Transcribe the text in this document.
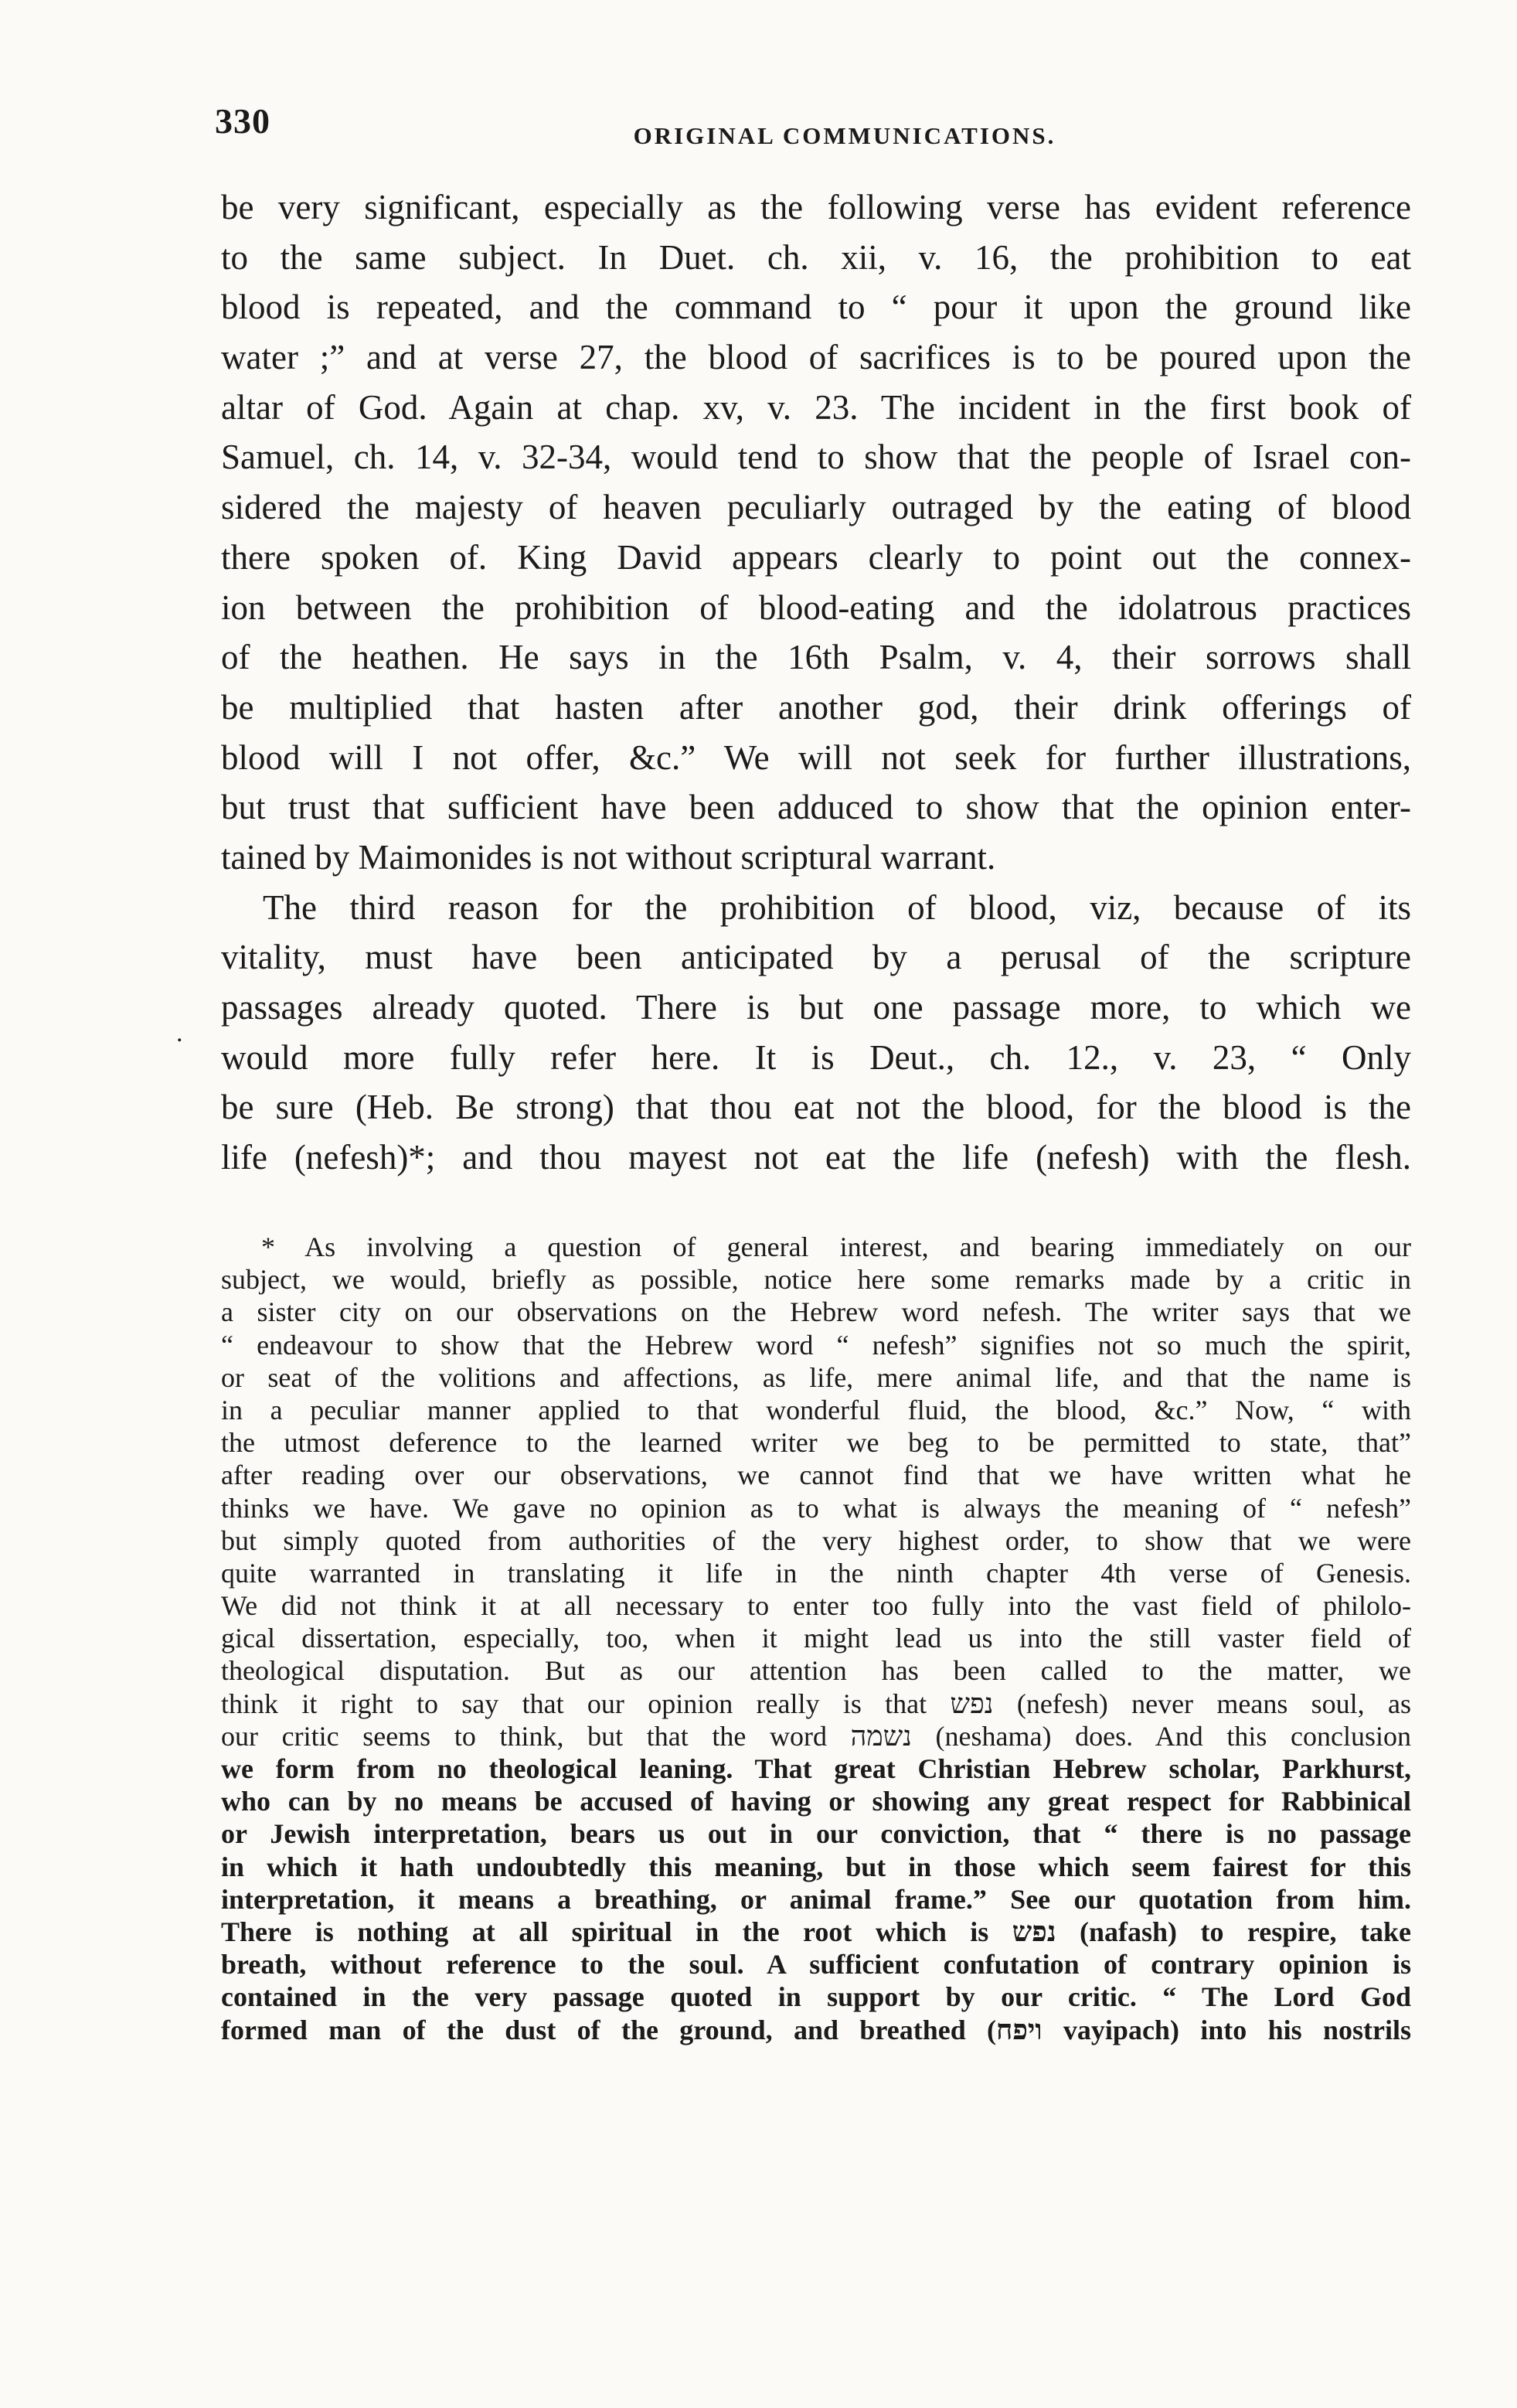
330	ORIGINAL COMMUNICATIONS.
be very significant, especially as the following verse has evident reference
to the same subject. In Duet. ch. xii, v. 16, the prohibition to eat
blood is repeated, and the command to “ pour it upon the ground like
water ;” and at verse 27, the blood of sacrifices is to be poured upon the
altar of God. Again at chap. xv, v. 23. The incident in the first book of
Samuel, ch. 14, v. 32-34, would tend to show that the people of Israel con-
sidered the majesty of heaven peculiarly outraged by the eating of blood
there spoken of. King David appears clearly to point out the connex-
ion between the prohibition of blood-eating and the idolatrous practices
of the heathen. He says in the 16th Psalm, v. 4, their sorrows shall
be multiplied that hasten after another god, their drink offerings of
blood will I not offer, &c.” We will not seek for further illustrations,
but trust that sufficient have been adduced to show that the opinion enter-
tained by Maimonides is not without scriptural warrant.
The third reason for the prohibition of blood, viz, because of its
vitality, must have been anticipated by a perusal of the scripture
passages already quoted. There is but one passage more, to which we
would more fully refer here. It is Deut., ch. 12., v. 23, “ Only
be sure (Heb. Be strong) that thou eat not the blood, for the blood is the
life (nefesh)*; and thou mayest not eat the life (nefesh) with the flesh.
.
* As involving a question of general interest, and bearing immediately on our
subject, we would, briefly as possible, notice here some remarks made by a critic in
a sister city on our observations on the Hebrew word nefesh. The writer says that we
“ endeavour to show that the Hebrew word “ nefesh” signifies not so much the spirit,
or seat of the volitions and affections, as life, mere animal life, and that the name is
in a peculiar manner applied to that wonderful fluid, the blood, &c.” Now, “ with
the utmost deference to the learned writer we beg to be permitted to state, that”
after reading over our observations, we cannot find that we have written what he
thinks we have. We gave no opinion as to what is always the meaning of “ nefesh”
but simply quoted from authorities of the very highest order, to show that we were
quite warranted in translating it life in the ninth chapter 4th verse of Genesis.
We did not think it at all necessary to enter too fully into the vast field of philolo-
gical dissertation, especially, too, when it might lead us into the still vaster field of
theological disputation. But as our attention has been called to the matter, we
think it right to say that our opinion really is that נפש (nefesh) never means soul, as
our critic seems to think, but that the word נשמה (neshama) does. And this conclusion
we form from no theological leaning. That great Christian Hebrew scholar, Parkhurst,
who can by no means be accused of having or showing any great respect for Rabbinical
or Jewish interpretation, bears us out in our conviction, that “ there is no passage
in which it hath undoubtedly this meaning, but in those which seem fairest for this
interpretation, it means a breathing, or animal frame.” See our quotation from him.
There is nothing at all spiritual in the root which is נפש (nafash) to respire, take
breath, without reference to the soul. A sufficient confutation of contrary opinion is
contained in the very passage quoted in support by our critic. “ The Lord God
formed man of the dust of the ground, and breathed (ויפח vayipach) into his nostrils
